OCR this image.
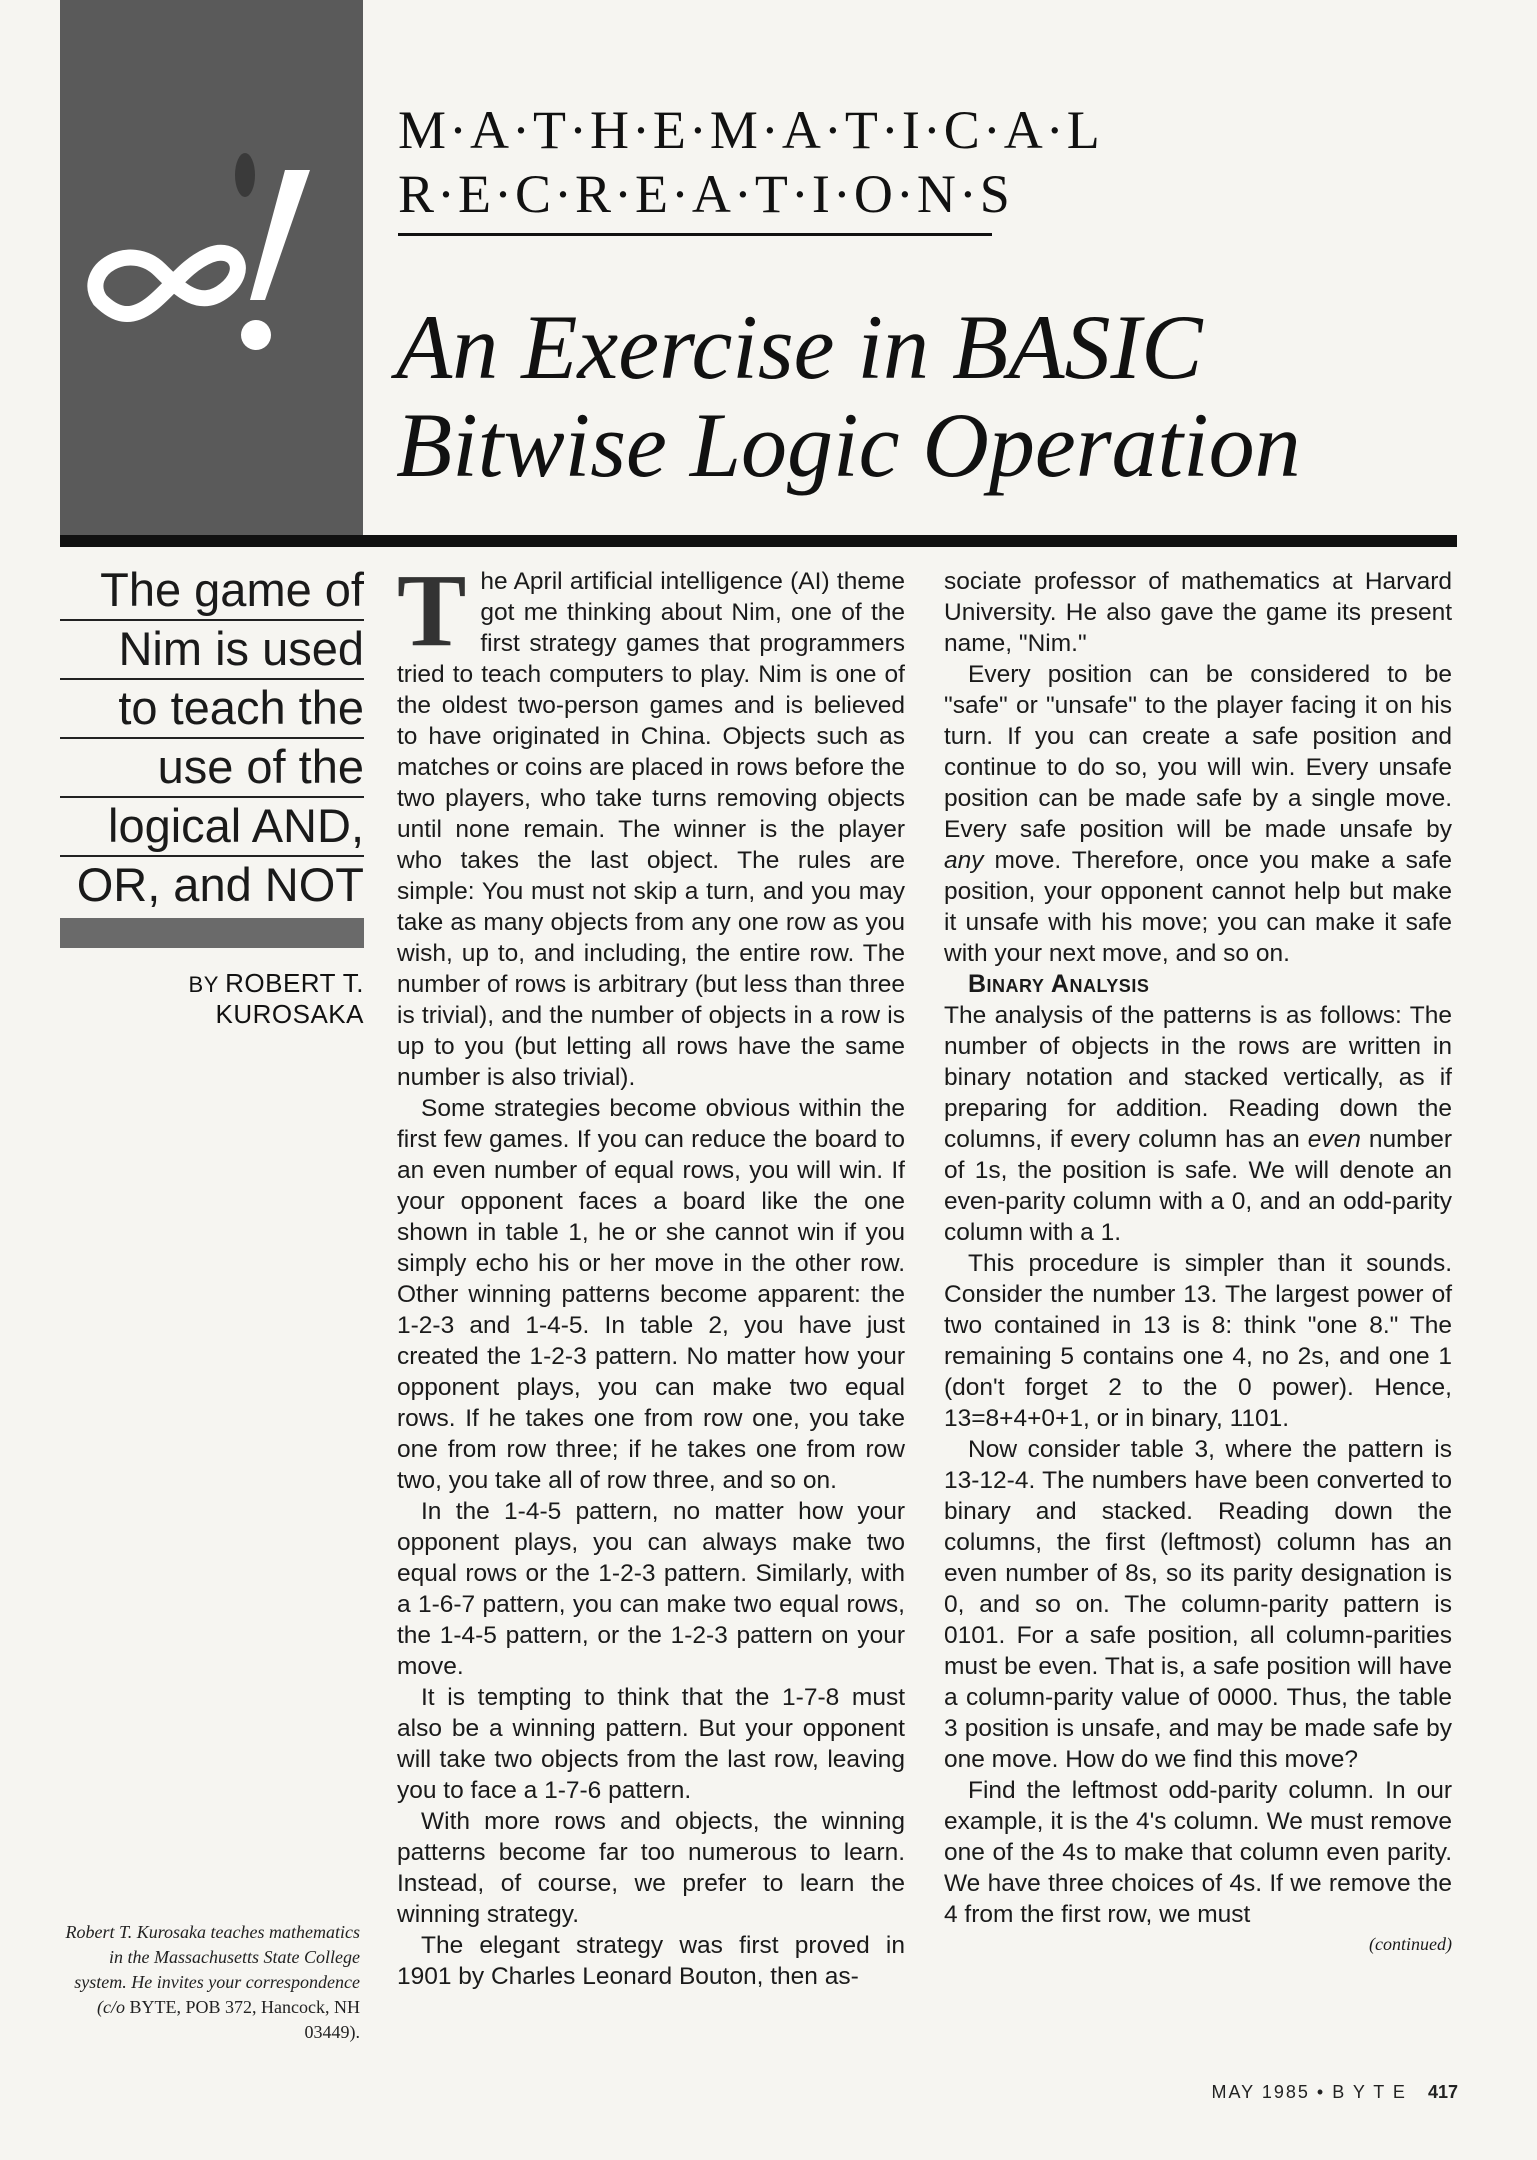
M·A·T·H·E·M·A·T·I·C·A·L
R·E·C·R·E·A·T·I·O·N·S
An Exercise in BASIC
Bitwise Logic Operation
The game of
Nim is used
to teach the
use of the
logical AND,
OR, and NOT
BY ROBERT T. KUROSAKA
Robert T. Kurosaka teaches mathematics in the Massachusetts State College system. He invites your correspondence (c/o BYTE, POB 372, Hancock, NH 03449).

The April artificial intelligence (AI) theme got me thinking about Nim, one of the first strategy games that programmers tried to teach computers to play. Nim is one of the oldest two-person games and is believed to have originated in China. Objects such as matches or coins are placed in rows before the two players, who take turns removing objects until none remain. The winner is the player who takes the last object. The rules are simple: You must not skip a turn, and you may take as many objects from any one row as you wish, up to, and including, the entire row. The number of rows is arbitrary (but less than three is trivial), and the number of objects in a row is up to you (but letting all rows have the same number is also trivial).

Some strategies become obvious within the first few games. If you can reduce the board to an even number of equal rows, you will win. If your opponent faces a board like the one shown in table 1, he or she cannot win if you simply echo his or her move in the other row. Other winning patterns become apparent: the 1-2-3 and 1-4-5. In table 2, you have just created the 1-2-3 pattern. No matter how your opponent plays, you can make two equal rows. If he takes one from row one, you take one from row three; if he takes one from row two, you take all of row three, and so on.

In the 1-4-5 pattern, no matter how your opponent plays, you can always make two equal rows or the 1-2-3 pattern. Similarly, with a 1-6-7 pattern, you can make two equal rows, the 1-4-5 pattern, or the 1-2-3 pattern on your move.

It is tempting to think that the 1-7-8 must also be a winning pattern. But your opponent will take two objects from the last row, leaving you to face a 1-7-6 pattern.

With more rows and objects, the winning patterns become far too numerous to learn. Instead, of course, we prefer to learn the winning strategy.

The elegant strategy was first proved in 1901 by Charles Leonard Bouton, then as-

sociate professor of mathematics at Harvard University. He also gave the game its present name, "Nim."

Every position can be considered to be "safe" or "unsafe" to the player facing it on his turn. If you can create a safe position and continue to do so, you will win. Every unsafe position can be made safe by a single move. Every safe position will be made unsafe by any move. Therefore, once you make a safe position, your opponent cannot help but make it unsafe with his move; you can make it safe with your next move, and so on.

Binary Analysis

The analysis of the patterns is as follows: The number of objects in the rows are written in binary notation and stacked vertically, as if preparing for addition. Reading down the columns, if every column has an even number of 1s, the position is safe. We will denote an even-parity column with a 0, and an odd-parity column with a 1.

This procedure is simpler than it sounds. Consider the number 13. The largest power of two contained in 13 is 8: think "one 8." The remaining 5 contains one 4, no 2s, and one 1 (don't forget 2 to the 0 power). Hence, 13=8+4+0+1, or in binary, 1101.

Now consider table 3, where the pattern is 13-12-4. The numbers have been converted to binary and stacked. Reading down the columns, the first (leftmost) column has an even number of 8s, so its parity designation is 0, and so on. The column-parity pattern is 0101. For a safe position, all column-parities must be even. That is, a safe position will have a column-parity value of 0000. Thus, the table 3 position is unsafe, and may be made safe by one move. How do we find this move?

Find the leftmost odd-parity column. In our example, it is the 4's column. We must remove one of the 4s to make that column even parity. We have three choices of 4s. If we remove the 4 from the first row, we must

(continued)
MAY 1985 • B Y T E 417
